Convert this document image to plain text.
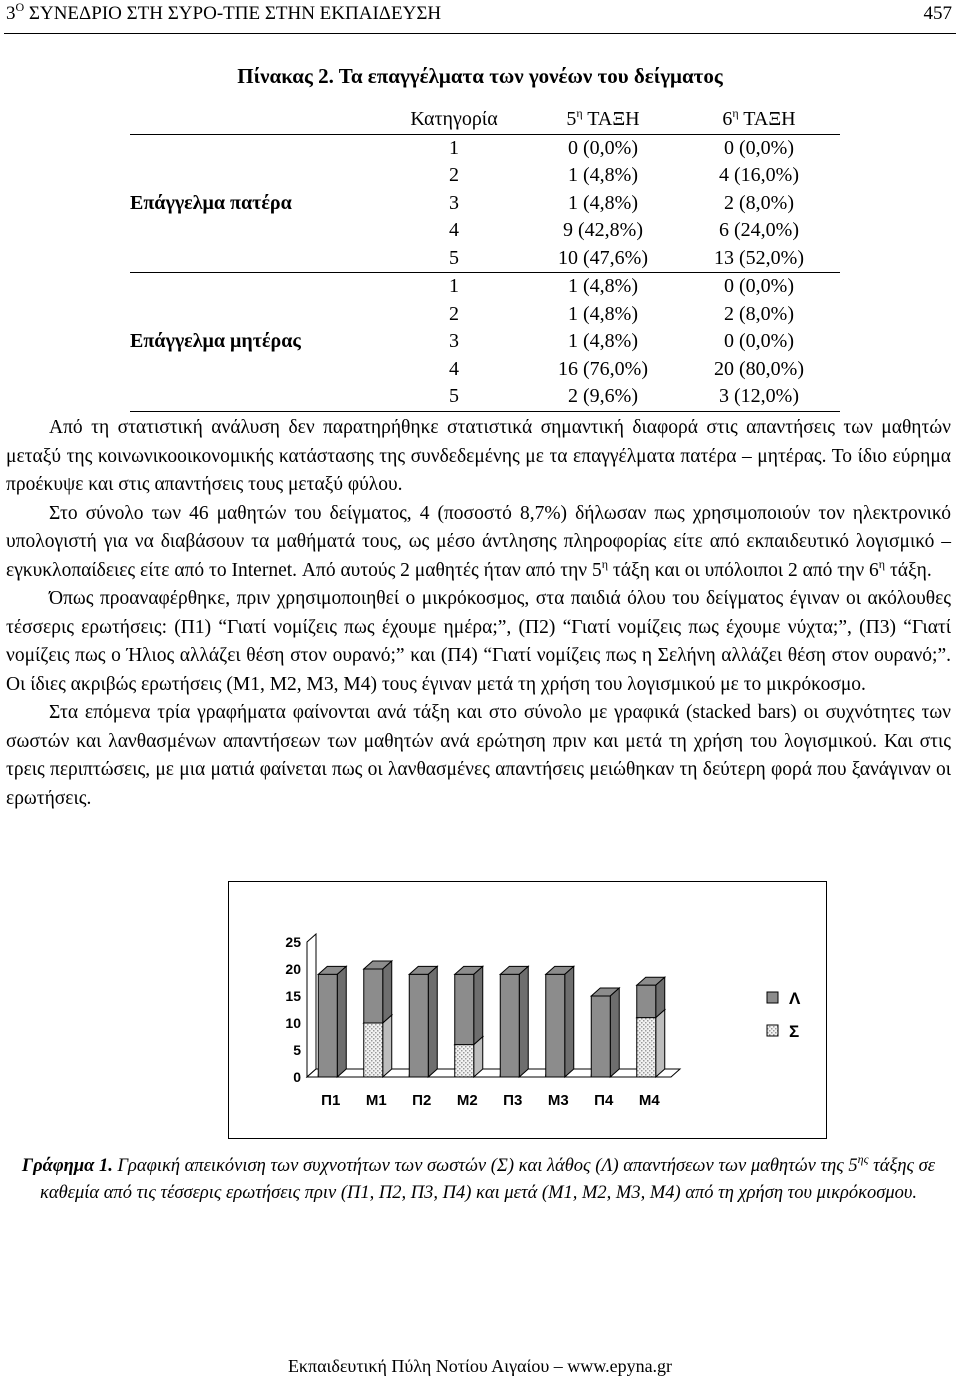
$3^O$ ΣΥΝΕΔΡΙΟ ΣΤΗ ΣΥΡΟ-ΤΠΕ ΣΤΗΝ ΕΚΠΑΙΔΕΥΣΗ	457
Πίνακας 2. Τα επαγγέλματα των γονέων του δείγματος
	Κατηγορία	$5^\eta$ ΤΑΞΗ	$6^\eta$ ΤΑΞΗ
	1	0 (0,0%)	0 (0,0%)
	2	1 (4,8%)	4 (16,0%)
Επάγγελμα πατέρα	3	1 (4,8%)	2 (8,0%)
	4	9 (42,8%)	6 (24,0%)
	5	10 (47,6%)	13 (52,0%)
	1	1 (4,8%)	0 (0,0%)
	2	1 (4,8%)	2 (8,0%)
Επάγγελμα μητέρας	3	1 (4,8%)	0 (0,0%)
	4	16 (76,0%)	20 (80,0%)
	5	2 (9,6%)	3 (12,0%)

Από τη στατιστική ανάλυση δεν παρατηρήθηκε στατιστικά σημαντική διαφορά στις απαντήσεις των μαθητών μεταξύ της κοινωνικοοικονομικής κατάστασης της συνδεδεμένης με τα επαγγέλματα πατέρα – μητέρας. Το ίδιο εύρημα προέκυψε και στις απαντήσεις τους μεταξύ φύλου.

Στο σύνολο των 46 μαθητών του δείγματος, 4 (ποσοστό 8,7%) δήλωσαν πως χρησιμοποιούν τον ηλεκτρονικό υπολογιστή για να διαβάσουν τα μαθήματά τους, ως μέσο άντλησης πληροφορίας είτε από εκπαιδευτικό λογισμικό – εγκυκλοπαίδειες είτε από το Internet. Από αυτούς 2 μαθητές ήταν από την $5^\eta$ τάξη και οι υπόλοιποι 2 από την $6^\eta$ τάξη.

Όπως προαναφέρθηκε, πριν χρησιμοποιηθεί ο μικρόκοσμος, στα παιδιά όλου του δείγματος έγιναν οι ακόλουθες τέσσερις ερωτήσεις: (Π1) “Γιατί νομίζεις πως έχουμε ημέρα;”, (Π2) “Γιατί νομίζεις πως έχουμε νύχτα;”, (Π3) “Γιατί νομίζεις πως ο Ήλιος αλλάζει θέση στον ουρανό;” και (Π4) “Γιατί νομίζεις πως η Σελήνη αλλάζει θέση στον ουρανό;”. Οι ίδιες ακριβώς ερωτήσεις (Μ1, Μ2, Μ3, Μ4) τους έγιναν μετά τη χρήση του λογισμικού με το μικρόκοσμο.

Στα επόμενα τρία γραφήματα φαίνονται ανά τάξη και στο σύνολο με γραφικά (stacked bars) οι συχνότητες των σωστών και λανθασμένων απαντήσεων των μαθητών ανά ερώτηση πριν και μετά τη χρήση του λογισμικού. Και στις τρεις περιπτώσεις, με μια ματιά φαίνεται πως οι λανθασμένες απαντήσεις μειώθηκαν τη δεύτερη φορά που ξανάγιναν οι ερωτήσεις.

0
5
10
15
20
25
Π1 Μ1 Π2 Μ2 Π3 Μ3 Π4 Μ4
Λ
Σ
Γράφημα 1. Γραφική απεικόνιση των συχνοτήτων των σωστών (Σ) και λάθος (Λ) απαντήσεων των μαθητών της $5^{\eta\varsigma}$ τάξης σε καθεμία από τις τέσσερις ερωτήσεις πριν (Π1, Π2, Π3, Π4) και μετά (Μ1, Μ2, Μ3, Μ4) από τη χρήση του μικρόκοσμου.
Εκπαιδευτική Πύλη Νοτίου Αιγαίου – www.epyna.gr
